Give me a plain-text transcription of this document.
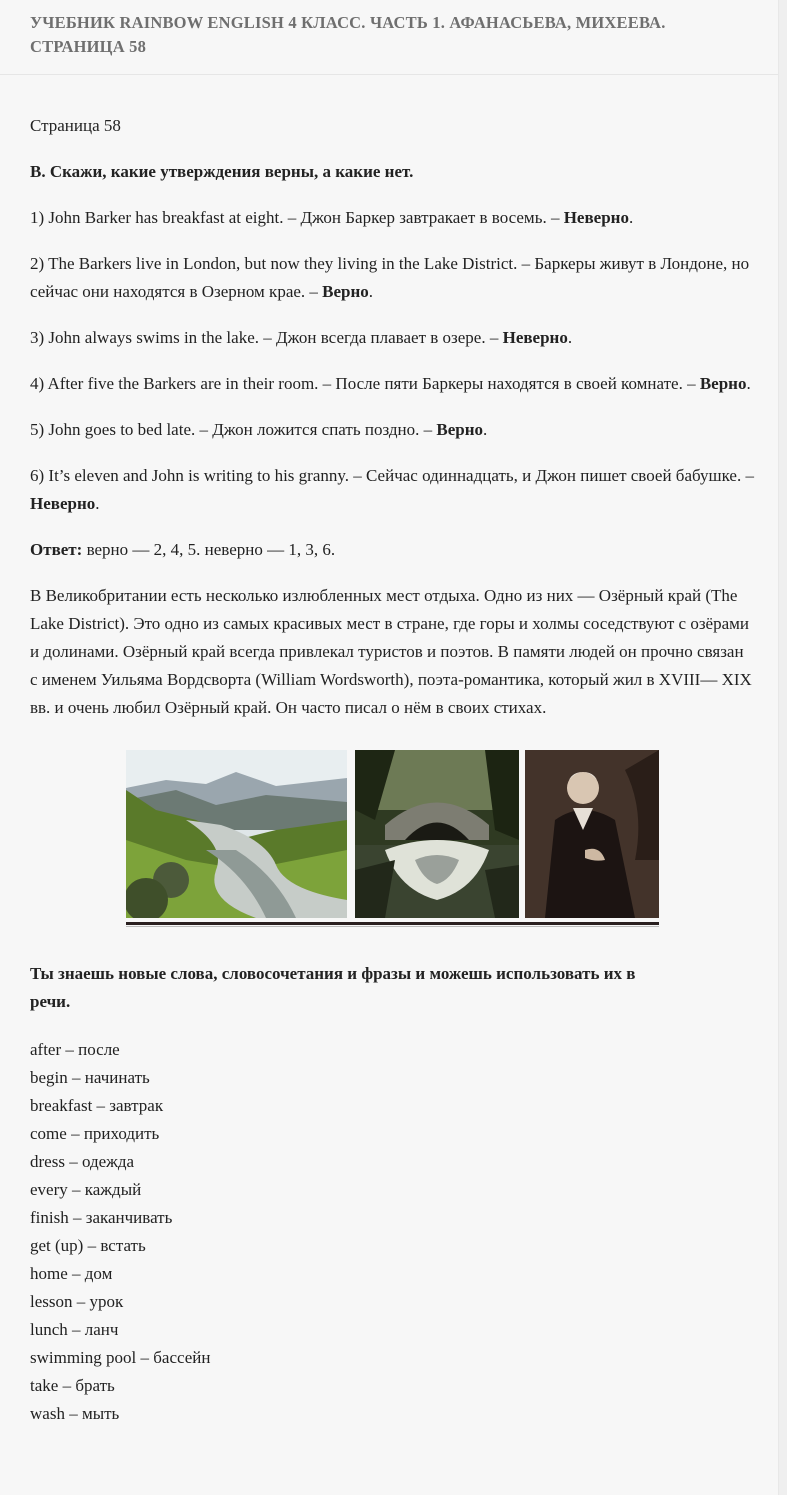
УЧЕБНИК RAINBOW ENGLISH 4 КЛАСС. ЧАСТЬ 1. АФАНАСЬЕВА, МИХЕЕВА. СТРАНИЦА 58
Страница 58
B. Скажи, какие утверждения верны, а какие нет.
1) John Barker has breakfast at eight. – Джон Баркер завтракает в восемь. – Неверно.
2) The Barkers live in London, but now they living in the Lake District. – Баркеры живут в Лондоне, но сейчас они находятся в Озерном крае. – Верно.
3) John always swims in the lake. – Джон всегда плавает в озере. – Неверно.
4) After five the Barkers are in their room. – После пяти Баркеры находятся в своей комнате. – Верно.
5) John goes to bed late. – Джон ложится спать поздно. – Верно.
6) It’s eleven and John is writing to his granny. – Сейчас одиннадцать, и Джон пишет своей бабушке. – Неверно.
Ответ: верно — 2, 4, 5. неверно — 1, 3, 6.
В Великобритании есть несколько излюбленных мест отдыха. Одно из них — Озёрный край (The Lake District). Это одно из самых красивых мест в стране, где горы и холмы соседствуют с озёрами и долинами. Озёрный край всегда привлекал туристов и поэтов. В памяти людей он прочно связан с именем Уильяма Вордсворта (William Wordsworth), поэта-романтика, который жил в XVIII— XIX вв. и очень любил Озёрный край. Он часто писал о нём в своих стихах.
Ты знаешь новые слова, словосочетания и фразы и можешь использовать их в речи.
after – после
begin – начинать
breakfast – завтрак
come – приходить
dress – одежда
every – каждый
finish – заканчивать
get (up) – встать
home – дом
lesson – урок
lunch – ланч
swimming pool – бассейн
take – брать
wash – мыть
